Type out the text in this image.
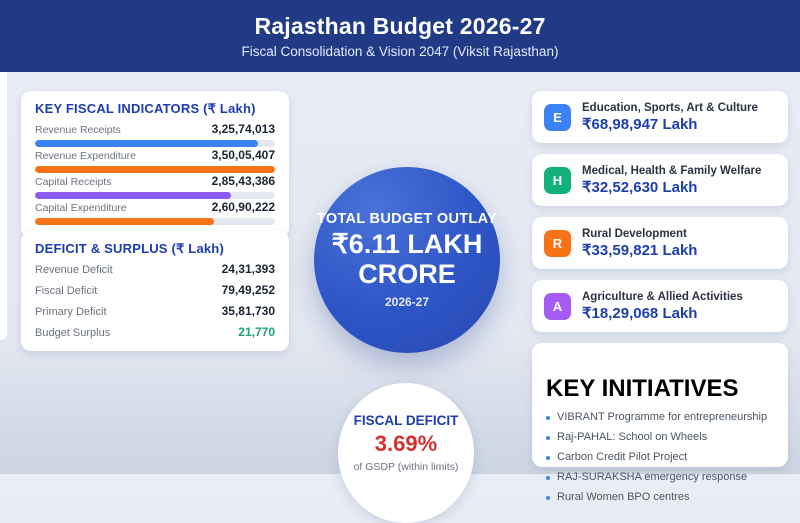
Rajasthan Budget 2026-27
Fiscal Consolidation & Vision 2047 (Viksit Rajasthan)
KEY FISCAL INDICATORS (₹ Lakh)
Revenue Receipts	3,25,74,013
Revenue Expenditure	3,50,05,407
Capital Receipts	2,85,43,386
Capital Expenditure	2,60,90,222
DEFICIT & SURPLUS (₹ Lakh)
Revenue Deficit	24,31,393
Fiscal Deficit	79,49,252
Primary Deficit	35,81,730
Budget Surplus	21,770
TOTAL BUDGET OUTLAY
₹6.11 LAKH
CRORE
2026-27
FISCAL DEFICIT
3.69%
of GSDP (within limits)
E
Education, Sports, Art & Culture
₹68,98,947 Lakh
H
Medical, Health & Family Welfare
₹32,52,630 Lakh
R
Rural Development
₹33,59,821 Lakh
A
Agriculture & Allied Activities
₹18,29,068 Lakh
KEY INITIATIVES
VIBRANT Programme for entrepreneurship
Raj-PAHAL: School on Wheels
Carbon Credit Pilot Project
RAJ-SURAKSHA emergency response
Rural Women BPO centres
